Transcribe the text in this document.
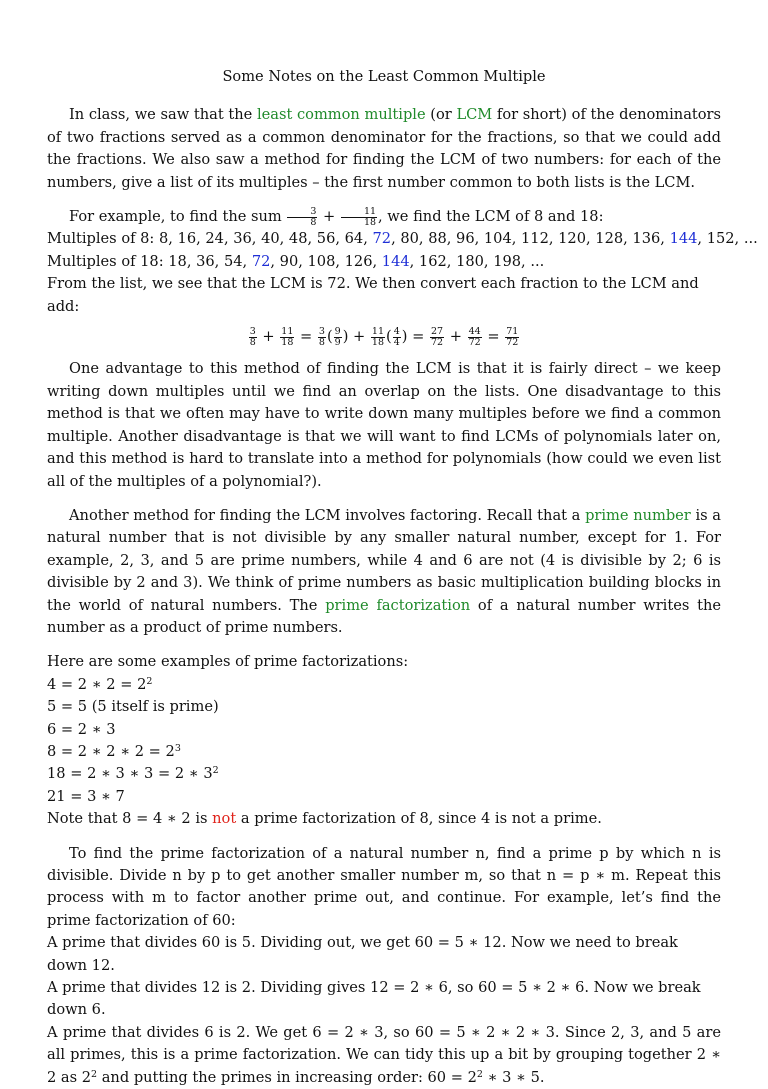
Some Notes on the Least Common Multiple

In class, we saw that the least common multiple (or LCM for short) of the denominators of two fractions served as a common denominator for the fractions, so that we could add the fractions. We also saw a method for finding the LCM of two numbers: for each of the numbers, give a list of its multiples – the first number common to both lists is the LCM.

For example, to find the sum $\frac{3}{8} + \frac{11}{18}$ , we find the LCM of 8 and 18:

Multiples of 8: 8, 16, 24, 36, 40, 48, 56, 64, 72, 80, 88, 96, 104, 112, 120, 128, 136, 144, 152, ...

Multiples of 18: 18, 36, 54, 72, 90, 108, 126, 144, 162, 180, 198, ...

From the list, we see that the LCM is 72. We then convert each fraction to the LCM and add:

$\frac{3}{8} + \frac{11}{18} = \frac{3}{8}$ ( $\frac{9}{9}$ ) + $\frac{11}{18}$ ( $\frac{4}{4}$ ) = $\frac{27}{72} + \frac{44}{72} = \frac{71}{72}$

One advantage to this method of finding the LCM is that it is fairly direct – we keep writing down multiples until we find an overlap on the lists. One disadvantage to this method is that we often may have to write down many multiples before we find a common multiple. Another disadvantage is that we will want to find LCMs of polynomials later on, and this method is hard to translate into a method for polynomials (how could we even list all of the multiples of a polynomial?).

Another method for finding the LCM involves factoring. Recall that a prime number is a natural number that is not divisible by any smaller natural number, except for 1. For example, 2, 3, and 5 are prime numbers, while 4 and 6 are not (4 is divisible by 2; 6 is divisible by 2 and 3). We think of prime numbers as basic multiplication building blocks in the world of natural numbers. The prime factorization of a natural number writes the number as a product of prime numbers.

Here are some examples of prime factorizations:

4 = 2 ∗ $2 = 2^2$

5 = 5 (5 itself is prime)

6 = 2 ∗ 3

8 = 2 ∗ 2 ∗ $2 = 2^3$

18 = 2 ∗ 3 ∗ 3 = 2 ∗ $3^2$

21 = 3 ∗ 7

Note that 8 = 4 ∗ 2 is not a prime factorization of 8, since 4 is not a prime.

To find the prime factorization of a natural number n, find a prime p by which n is divisible. Divide n by p to get another smaller number m, so that n = p ∗ m. Repeat this process with m to factor another prime out, and continue. For example, let’s find the prime factorization of 60:

A prime that divides 60 is 5. Dividing out, we get 60 = 5 ∗ 12. Now we need to break down 12.

A prime that divides 12 is 2. Dividing gives 12 = 2 ∗ 6, so 60 = 5 ∗ 2 ∗ 6. Now we break down 6.

A prime that divides 6 is 2. We get 6 = 2 ∗ 3, so 60 = 5 ∗ 2 ∗ 2 ∗ 3. Since 2, 3, and 5 are all primes, this is a prime factorization. We can tidy this up a bit by grouping together 2 ∗ 2 as $2^2$ and putting the primes in increasing order: $60 = 2^2$ ∗ 3 ∗ 5.
